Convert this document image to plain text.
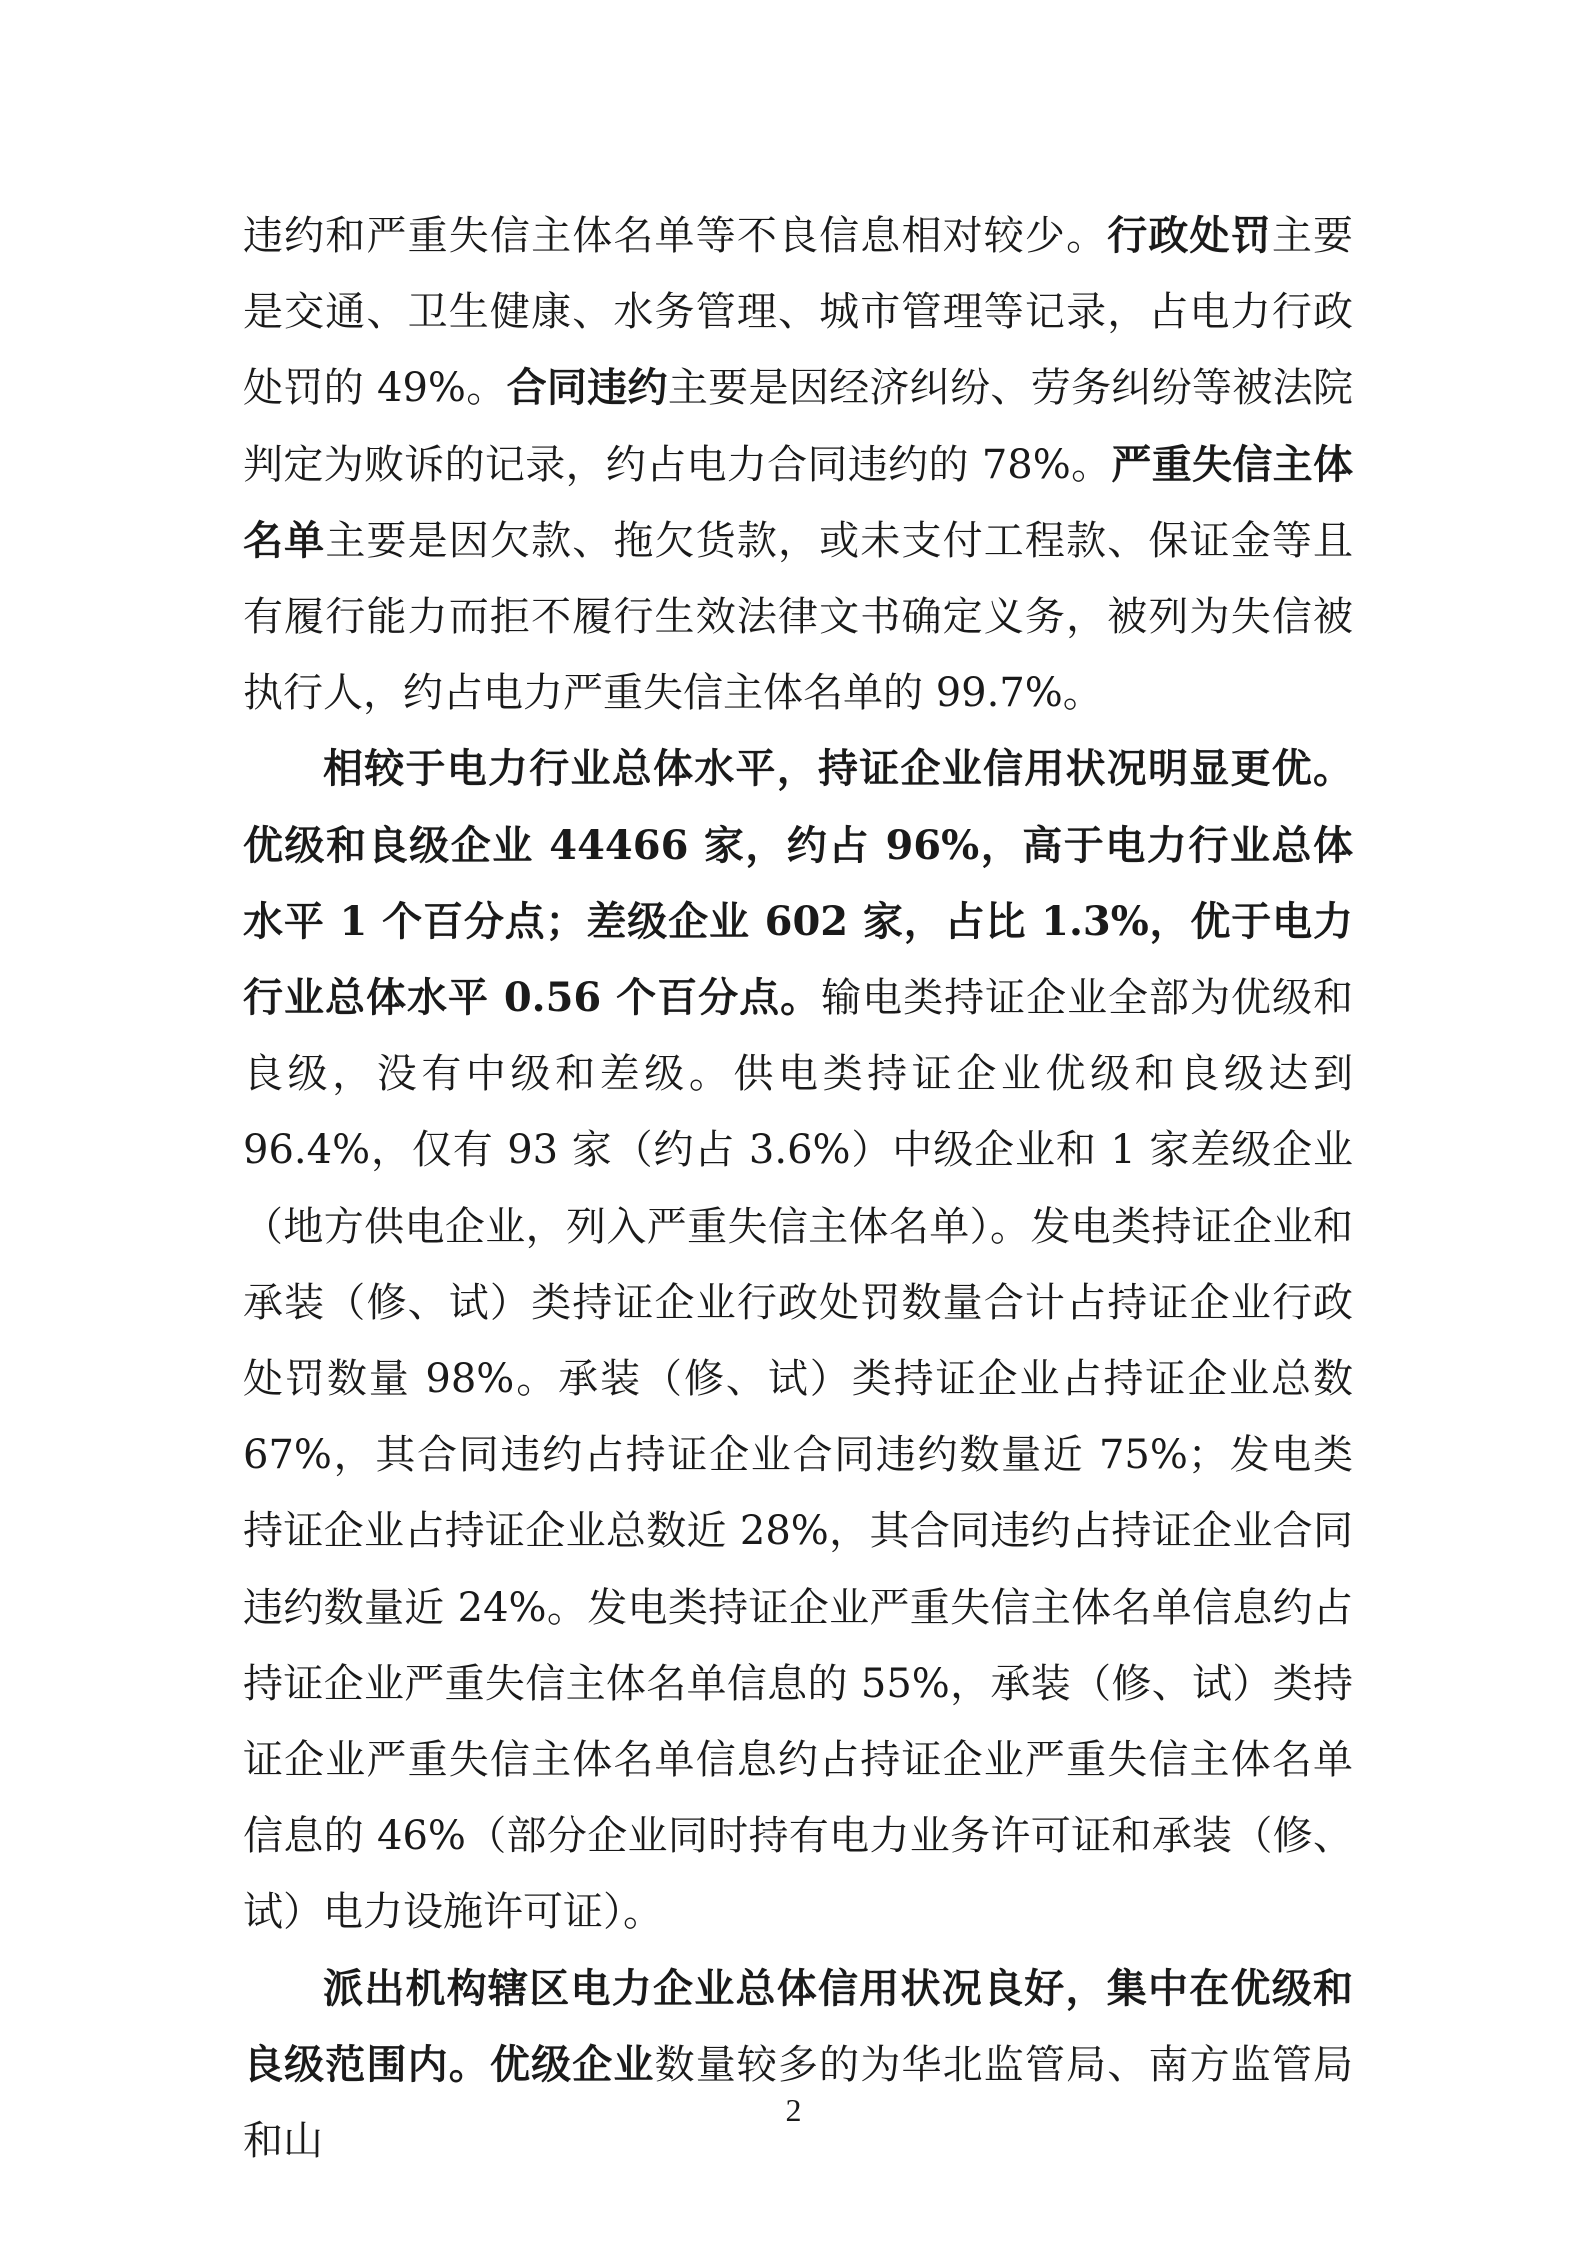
违约和严重失信主体名单等不良信息相对较少。行政处罚主要是交通、卫生健康、水务管理、城市管理等记录，占电力行政处罚的 49%。合同违约主要是因经济纠纷、劳务纠纷等被法院判定为败诉的记录，约占电力合同违约的 78%。严重失信主体名单主要是因欠款、拖欠货款，或未支付工程款、保证金等且有履行能力而拒不履行生效法律文书确定义务，被列为失信被执行人，约占电力严重失信主体名单的 99.7%。

相较于电力行业总体水平，持证企业信用状况明显更优。优级和良级企业 44466 家，约占 96%，高于电力行业总体水平 1 个百分点；差级企业 602 家，占比 1.3%，优于电力行业总体水平 0.56 个百分点。输电类持证企业全部为优级和良级，没有中级和差级。供电类持证企业优级和良级达到 96.4%，仅有 93 家（约占 3.6%）中级企业和 1 家差级企业（地方供电企业，列入严重失信主体名单）。发电类持证企业和承装（修、试）类持证企业行政处罚数量合计占持证企业行政处罚数量 98%。承装（修、试）类持证企业占持证企业总数 67%，其合同违约占持证企业合同违约数量近 75%；发电类持证企业占持证企业总数近 28%，其合同违约占持证企业合同违约数量近 24%。发电类持证企业严重失信主体名单信息约占持证企业严重失信主体名单信息的 55%，承装（修、试）类持证企业严重失信主体名单信息约占持证企业严重失信主体名单信息的 46%（部分企业同时持有电力业务许可证和承装（修、试）电力设施许可证）。

派出机构辖区电力企业总体信用状况良好，集中在优级和良级范围内。优级企业数量较多的为华北监管局、南方监管局和山

2
